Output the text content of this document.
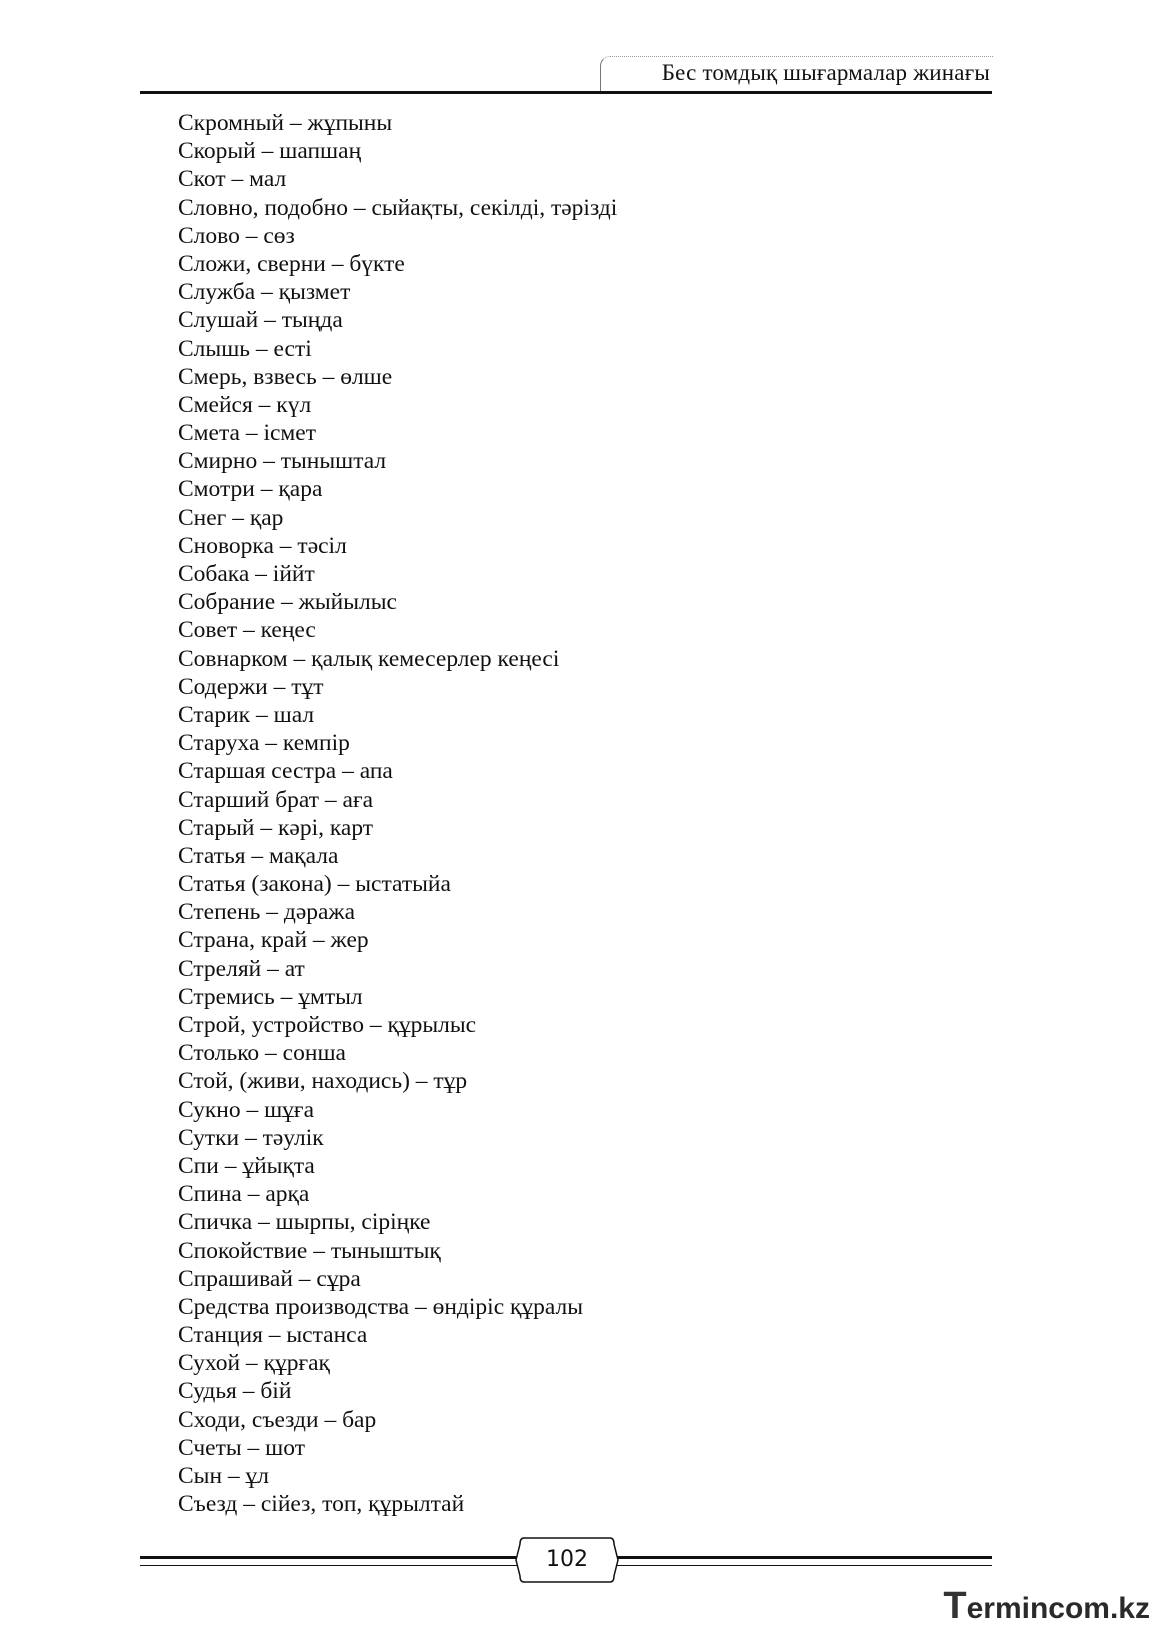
Бес томдық шығармалар жинағы
Скромный – жұпыны
Скорый – шапшаң
Скот – мал
Словно, подобно – сыйақты, секілді, тәрізді
Слово – сөз
Сложи, сверни – бүкте
Служба – қызмет
Слушай – тыңда
Слышь – есті
Смерь, взвесь – өлше
Смейся – күл
Смета – ісмет
Смирно – тыныштал
Смотри – қара
Снег – қар
Сноворка – тәсіл
Собака – іййт
Собрание – жыйылыс
Совет – кеңес
Совнарком – қалық кемесерлер кеңесі
Содержи – тұт
Старик – шал
Старуха – кемпір
Старшая сестра – апа
Старший брат – аға
Старый – кәрі, карт
Статья – мақала
Статья (закона) – ыстатыйа
Степень – дәража
Страна, край – жер
Стреляй – ат
Стремись – ұмтыл
Строй, устройство – құрылыс
Столько – сонша
Стой, (живи, находись) – тұр
Сукно – шұға
Сутки – тәулік
Спи – ұйықта
Спина – арқа
Спичка – шырпы, сіріңке
Спокойствие – тыныштық
Спрашивай – сұра
Средства производства – өндіріс құралы
Станция – ыстанса
Сухой – құрғақ
Судья – бій
Сходи, съезди – бар
Счеты – шот
Сын – ұл
Съезд – сійез, топ, құрылтай
102
Termincom.kz
